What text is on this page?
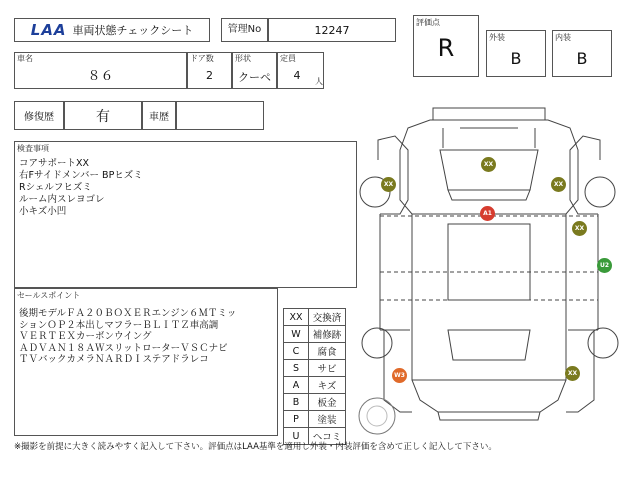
LAA 車両状態チェックシート	管理No	12247
評価点
R	外装
B
内装
B
車名
８６
ドア数
2
形状
クーペ
定員
4	人
修復歴	有	車歴
検査事項
コアサポートXX
右Fサイドメンバー BPヒズミ
Rシェルフヒズミ
ルーム内スレヨゴレ
小キズ小凹
セールスポイント
後期モデルＦＡ２０ＢＯＸＥＲエンジン６ＭＴミッ
ションＯＰ２本出しマフラーＢＬＩＴＺ車高調
ＶＥＲＴＥＸカーボンウイング
ＡＤＶＡＮ１８ＡＷスリットローターＶＳＣナビ
ＴＶバックカメラＮＡＲＤＩステアドラレコ
XX	交換済
W	補修跡
C	腐食
S	サビ
A	キズ
B	板金
P	塗装
U	ヘコミ
XX
XX	XX
A1
XX
U2
W3	XX
※撮影を前提に大きく読みやすく記入して下さい。評価点はLAA基準を適用し外装・内装評価を含めて正しく記入して下さい。
